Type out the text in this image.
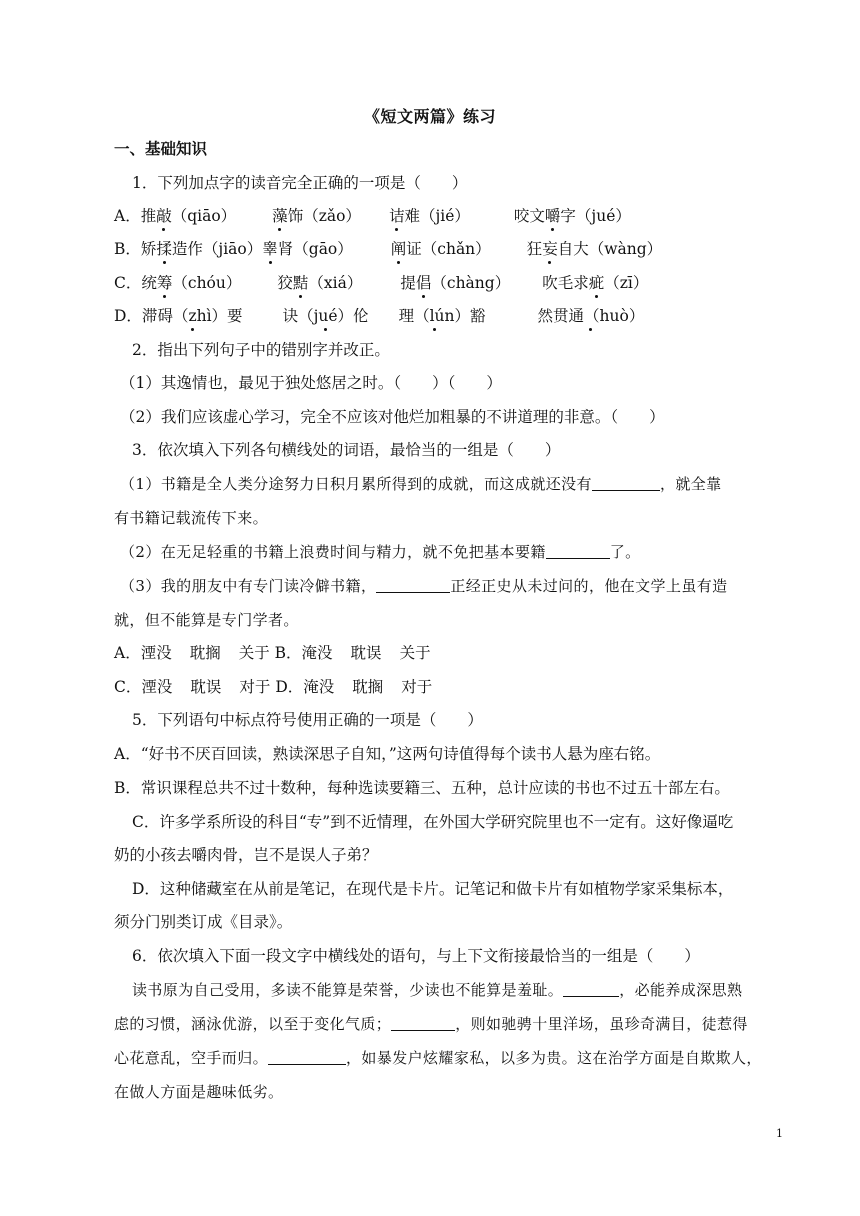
《短文两篇》练习
一、基础知识
1．下列加点字的读音完全正确的一项是（　　）
A．推敲（qiāo） 藻饰（zǎo） 诘难（jié）	咬文嚼字（jué）
B．矫揉造作（jiāo）睾肾（gāo） 阐证（chǎn） 狂妄自大（wàng）
C．统筹（chóu） 狡黠（xiá） 提倡（chàng） 吹毛求疵（zī）
D．滞碍（zhì）要	诀（jué）伦 理（lún）豁	然贯通（huò）
2．指出下列句子中的错别字并改正。
（1）其逸情也，最见于独处悠居之时。（　　）（　　）
（2）我们应该虚心学习，完全不应该对他烂加粗暴的不讲道理的非意。（　　）
3．依次填入下列各句横线处的词语，最恰当的一组是（　　）
（1）书籍是全人类分途努力日积月累所得到的成就，而这成就还没有	，就全靠
有书籍记载流传下来。
（2）在无足轻重的书籍上浪费时间与精力，就不免把基本要籍	了。
（3）我的朋友中有专门读冷僻书籍，	正经正史从未过问的，他在文学上虽有造
就，但不能算是专门学者。
A．湮没 耽搁 关于 B．淹没 耽误 关于
C．湮没 耽误 对于 D．淹没 耽搁 对于
5．下列语句中标点符号使用正确的一项是（　　）
A．“好书不厌百回读，熟读深思子自知，”这两句诗值得每个读书人悬为座右铭。
B．常识课程总共不过十数种，每种选读要籍三、五种，总计应读的书也不过五十部左右。
C．许多学系所设的科目“专”到不近情理，在外国大学研究院里也不一定有。这好像逼吃
奶的小孩去嚼肉骨，岂不是误人子弟？
D．这种储藏室在从前是笔记，在现代是卡片。记笔记和做卡片有如植物学家采集标本，
须分门别类订成《目录》。
6．依次填入下面一段文字中横线处的语句，与上下文衔接最恰当的一组是（　　）
读书原为自己受用，多读不能算是荣誉，少读也不能算是羞耻。	，必能养成深思熟
虑的习惯，涵泳优游，以至于变化气质；	，则如驰骋十里洋场，虽珍奇满目，徒惹得
心花意乱，空手而归。	，如暴发户炫耀家私，以多为贵。这在治学方面是自欺欺人，
在做人方面是趣味低劣。
1
